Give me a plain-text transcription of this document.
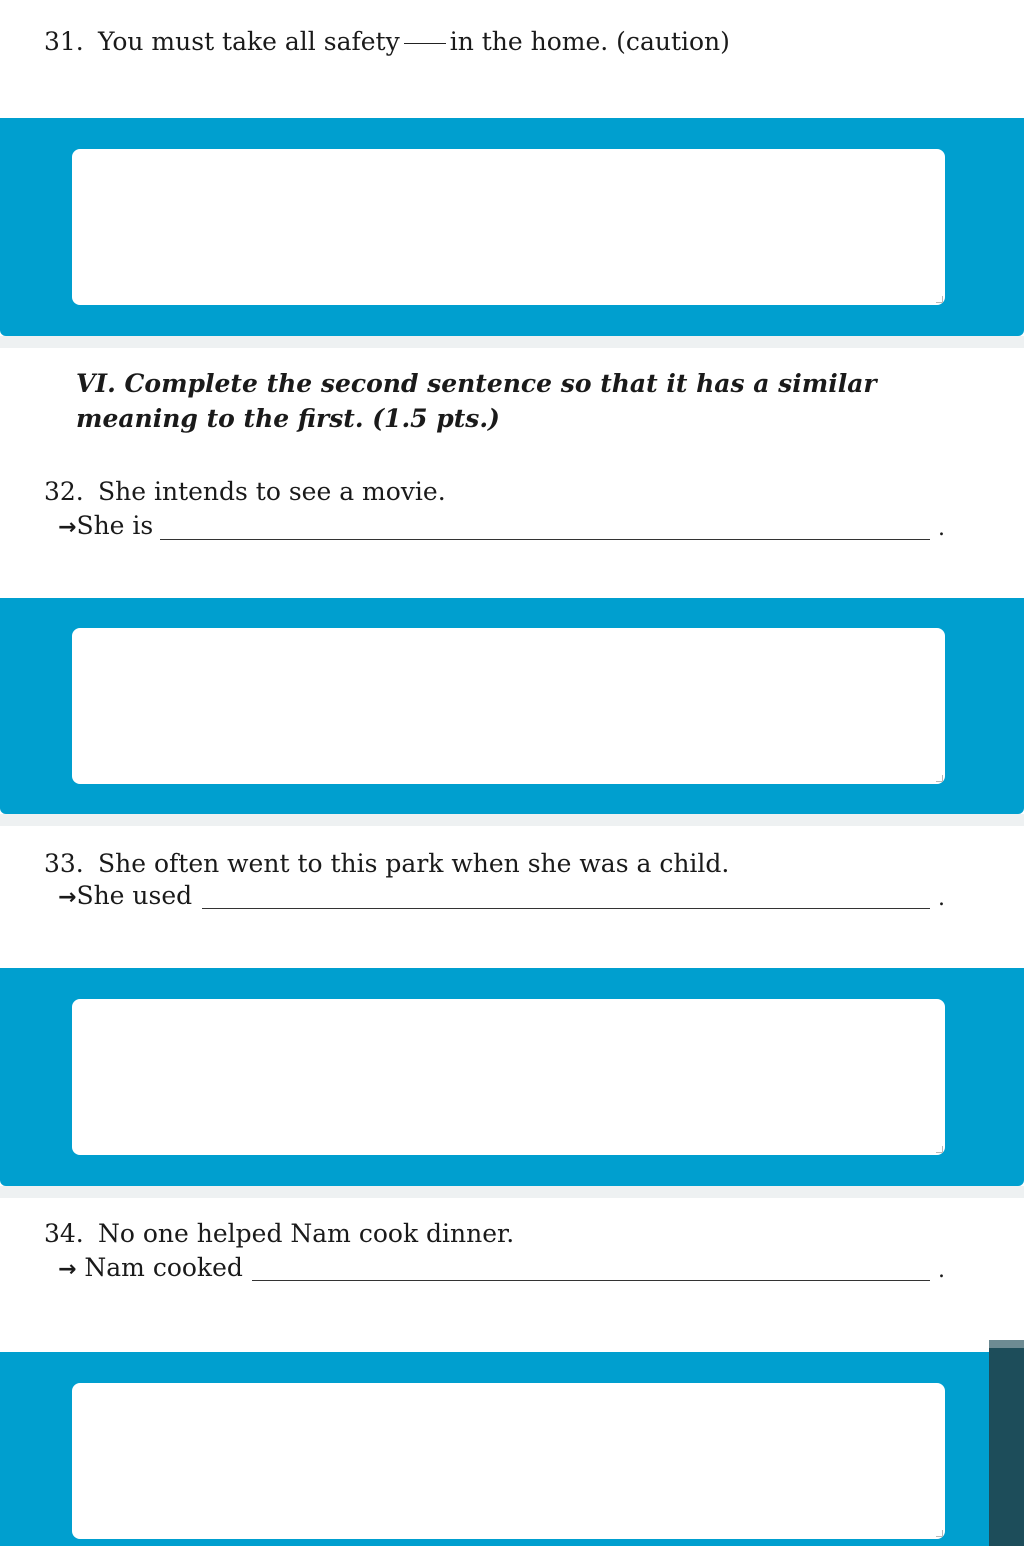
31. You must take all safety in the home. (caution)
VI. Complete the second sentence so that it has a similar meaning to the first. (1.5 pts.)
32. She intends to see a movie.
→She is	.
33. She often went to this park when she was a child.
→She used	.
34. No one helped Nam cook dinner.
→ Nam cooked	.
